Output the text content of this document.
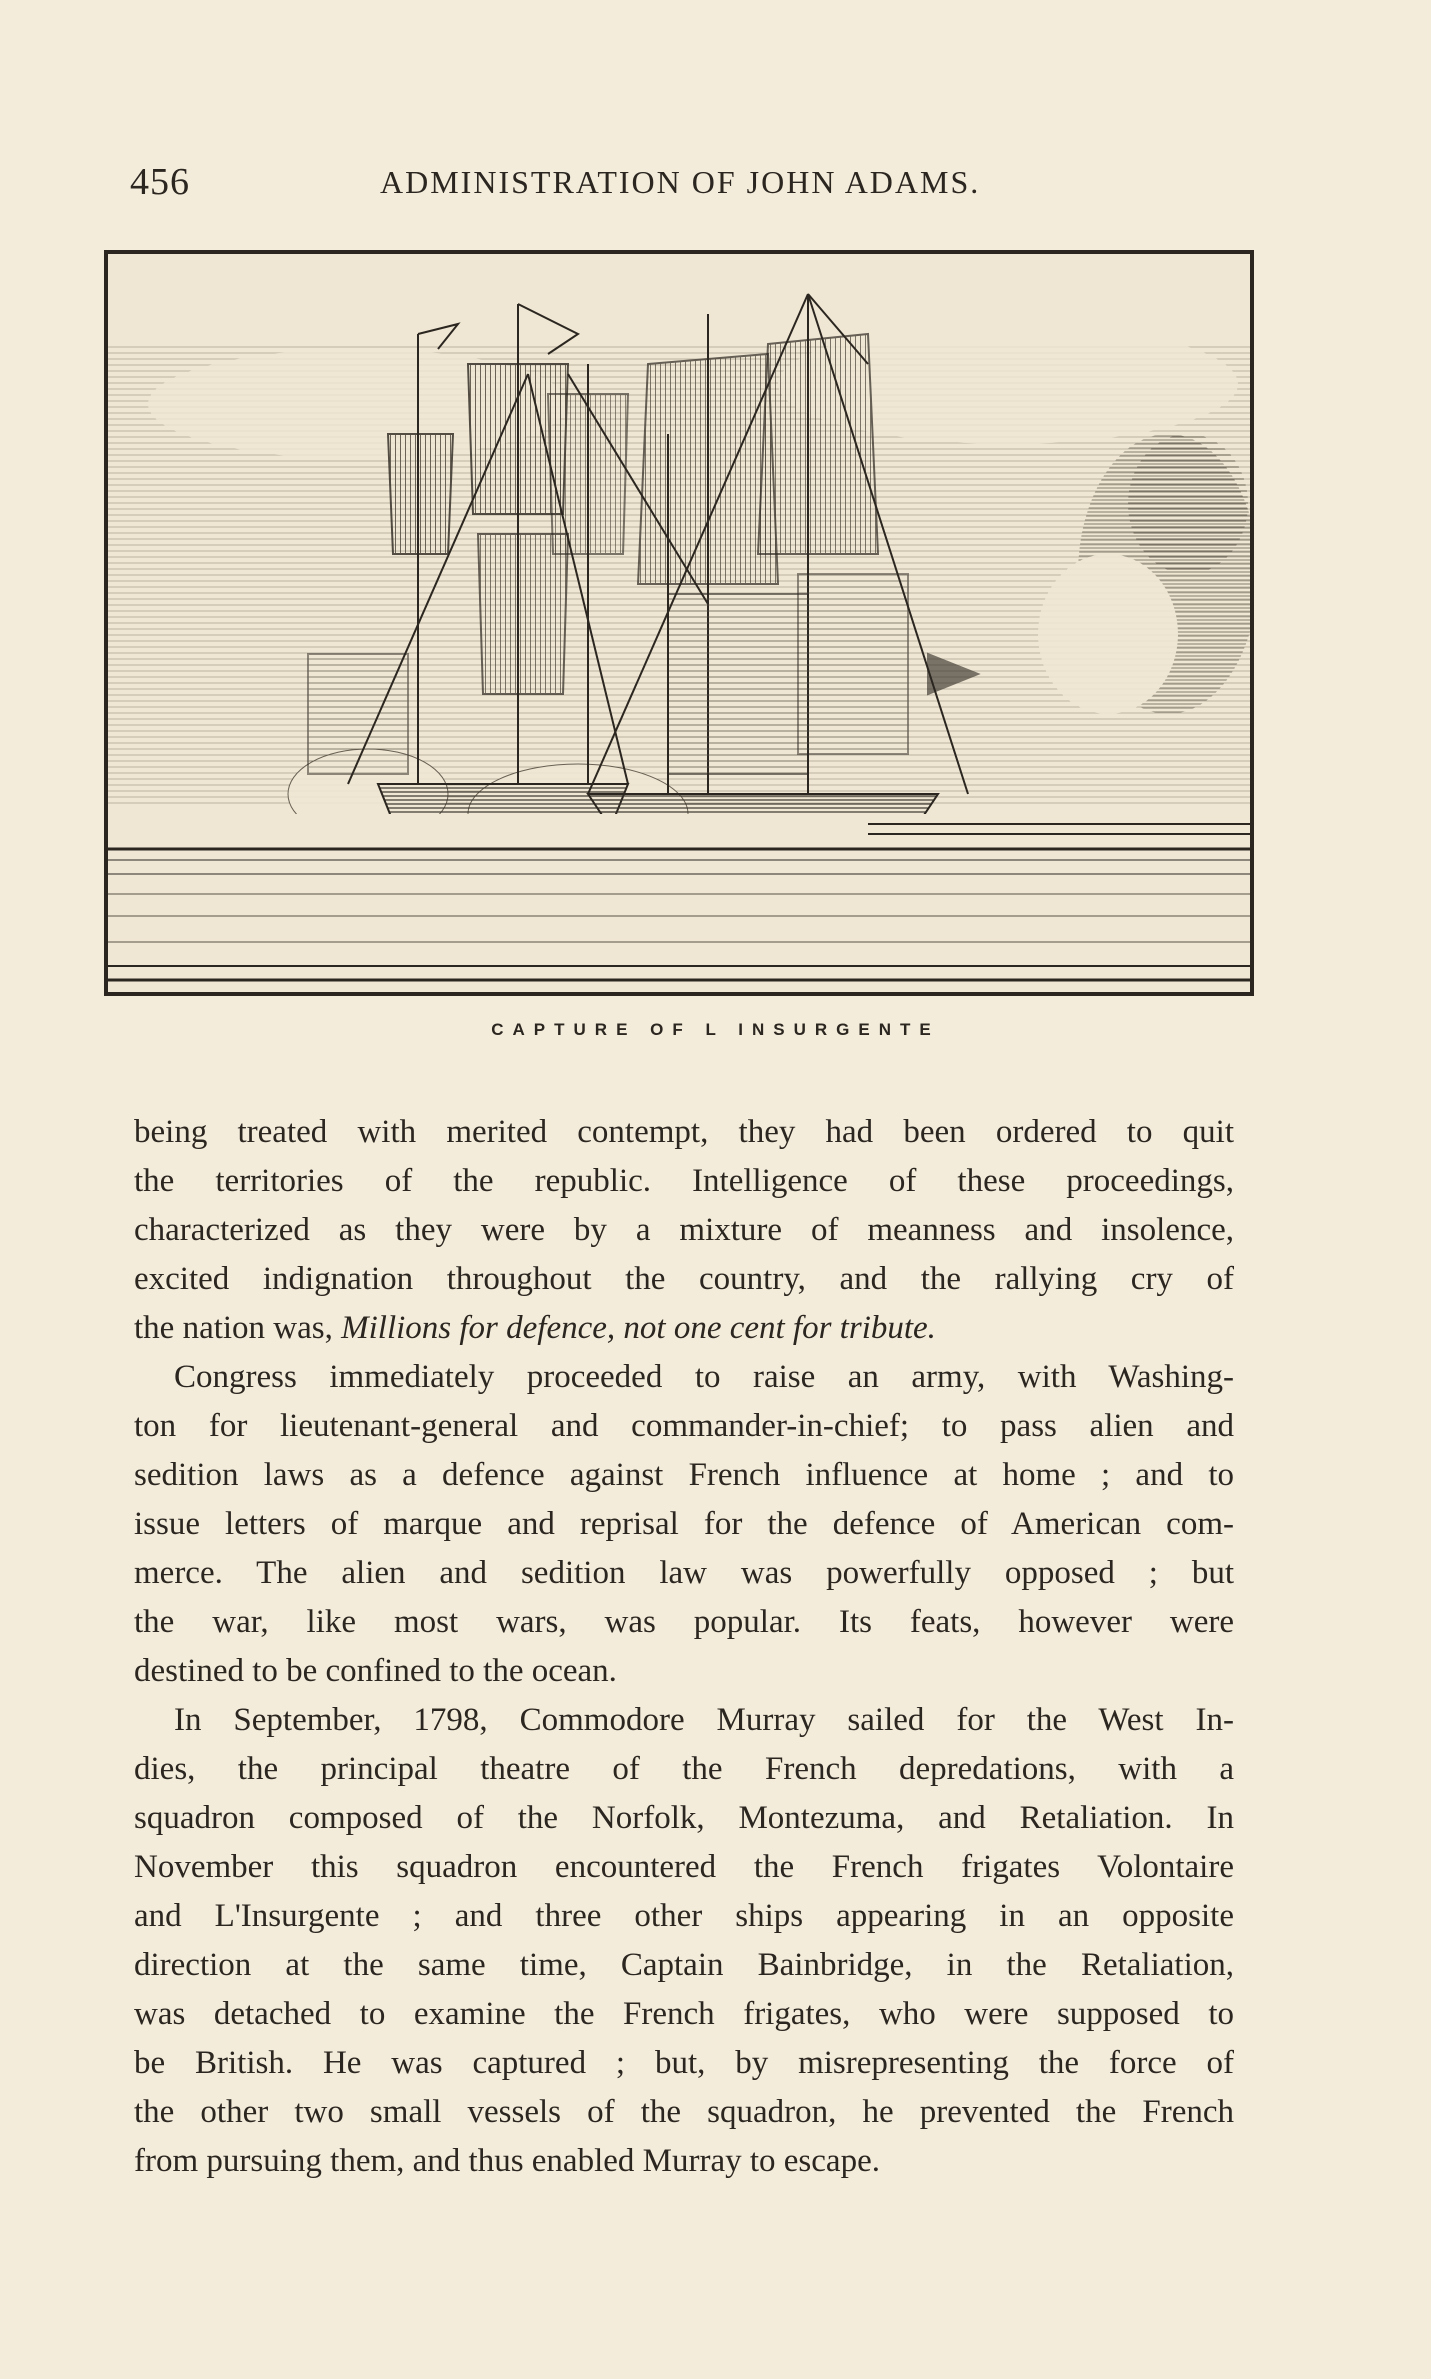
456	ADMINISTRATION OF JOHN ADAMS.
CAPTURE OF L INSURGENTE

being treated with merited contempt, they had been ordered to quit
the territories of the republic. Intelligence of these proceedings,
characterized as they were by a mixture of meanness and insolence,
excited indignation throughout the country, and the rallying cry of
the nation was, Millions for defence, not one cent for tribute.

Congress immediately proceeded to raise an army, with Washing-
ton for lieutenant-general and commander-in-chief; to pass alien and
sedition laws as a defence against French influence at home ; and to
issue letters of marque and reprisal for the defence of American com-
merce. The alien and sedition law was powerfully opposed ; but
the war, like most wars, was popular. Its feats, however were
destined to be confined to the ocean.

In September, 1798, Commodore Murray sailed for the West In-
dies, the principal theatre of the French depredations, with a
squadron composed of the Norfolk, Montezuma, and Retaliation. In
November this squadron encountered the French frigates Volontaire
and L'Insurgente ; and three other ships appearing in an opposite
direction at the same time, Captain Bainbridge, in the Retaliation,
was detached to examine the French frigates, who were supposed to
be British. He was captured ; but, by misrepresenting the force of
the other two small vessels of the squadron, he prevented the French
from pursuing them, and thus enabled Murray to escape.
